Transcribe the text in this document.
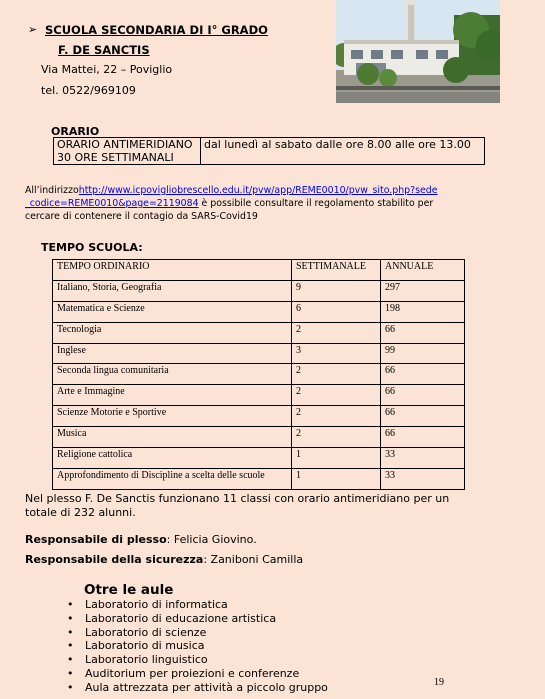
➢ SCUOLA SECONDARIA DI I° GRADO
F. DE SANCTIS
Via Mattei, 22 – Poviglio
tel. 0522/969109
ORARIO
ORARIO ANTIMERIDIANO
30 ORE SETTIMANALI
	dal lunedì al sabato dalle ore 8.00 alle ore 13.00
All’indirizzohttp://www.icpovigliobrescello.edu.it/pvw/app/REME0010/pvw_sito.php?sede
_codice=REME0010&page=2119084 è possibile consultare il regolamento stabilito per
cercare di contenere il contagio da SARS-Covid19
TEMPO SCUOLA:
TEMPO ORDINARIO	SETTIMANALE	ANNUALE
Italiano, Storia, Geografia	9	297
Matematica e Scienze	6	198
Tecnologia	2	66
Inglese	3	99
Seconda lingua comunitaria	2	66
Arte e Immagine	2	66
Scienze Motorie e Sportive	2	66
Musica	2	66
Religione cattolica	1	33
Approfondimento di Discipline a scelta delle scuole	1	33
Nel plesso F. De Sanctis funzionano 11 classi con orario antimeridiano per un
totale di 232 alunni.
Responsabile di plesso: Felicia Giovino.
Responsabile della sicurezza: Zaniboni Camilla
Otre le aule
• Laboratorio di informatica
• Laboratorio di educazione artistica
• Laboratorio di scienze
• Laboratorio di musica
• Laboratorio linguistico
• Auditorium per proiezioni e conferenze
• Aula attrezzata per attività a piccolo gruppo	19
